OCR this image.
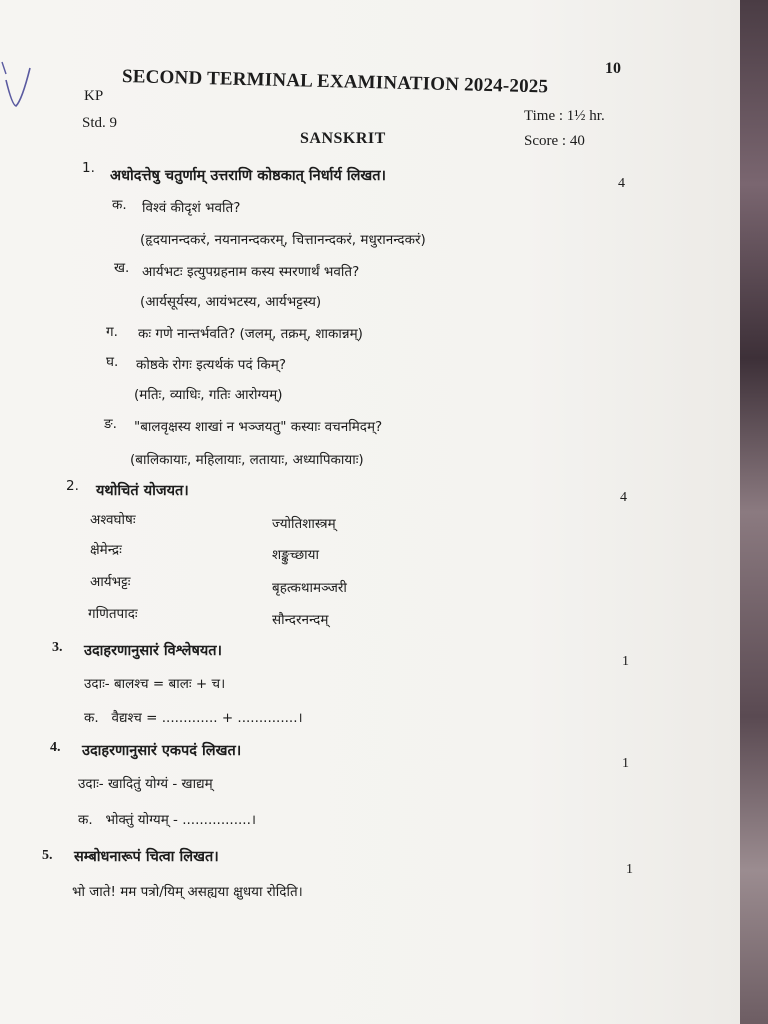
10
SECOND TERMINAL EXAMINATION 2024-2025
KP
Std. 9	Time : 1½ hr.
SANSKRIT	Score : 40
1. अधोदत्तेषु चतुर्णाम् उत्तराणि कोष्ठकात् निर्धार्य लिखत।	4
क. विश्वं कीदृशं भवति?
(हृदयानन्दकरं, नयनानन्दकरम्, चित्तानन्दकरं, मधुरानन्दकरं)
ख. आर्यभटः इत्युपग्रहनाम कस्य स्मरणार्थं भवति?
(आर्यसूर्यस्य, आयंभटस्य, आर्यभट्टस्य)
ग. कः गणे नान्तर्भवति? (जलम्, तक्रम्, शाकान्नम्)
घ. कोष्ठके रोगः इत्यर्थकं पदं किम्?
(मतिः, व्याधिः, गतिः आरोग्यम्)
ङ. "बालवृक्षस्य शाखां न भञ्जयतु" कस्याः वचनमिदम्?
(बालिकायाः, महिलायाः, लतायाः, अध्यापिकायाः)
2. यथोचितं योजयत।	4
अश्वघोषः	ज्योतिशास्त्रम्
क्षेमेन्द्रः	शङ्कुच्छाया
आर्यभट्टः	बृहत्कथामञ्जरी
गणितपादः	सौन्दरनन्दम्
3. उदाहरणानुसारं विश्लेषयत।
1
उदाः- बालश्च = बालः + च।
क.   वैद्यश्च = ............. + ..............।
4. उदाहरणानुसारं एकपदं लिखत।
1
उदाः- खादितुं योग्यं - खाद्यम्
क.   भोक्तुं योग्यम् - ................।
5. सम्बोधनारूपं चित्वा लिखत।
1
भो जाते! मम पत्रो/यिम् असह्यया क्षुधया रोदिति।
